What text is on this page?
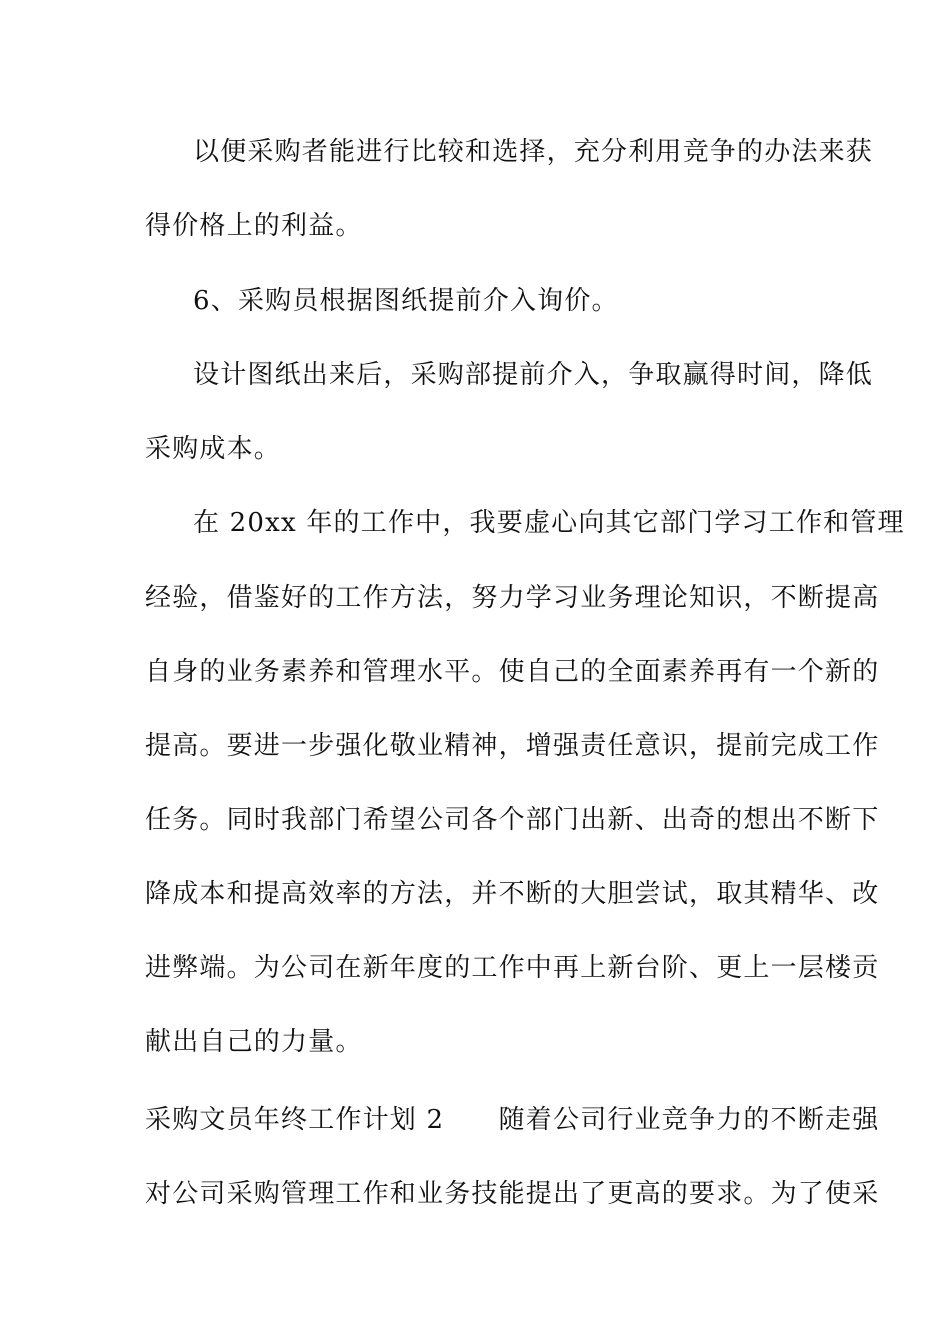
以便采购者能进行比较和选择，充分利用竞争的办法来获
得价格上的利益。
6、采购员根据图纸提前介入询价。
设计图纸出来后，采购部提前介入，争取赢得时间，降低
采购成本。
在 20xx 年的工作中，我要虚心向其它部门学习工作和管理
经验，借鉴好的工作方法，努力学习业务理论知识，不断提高
自身的业务素养和管理水平。使自己的全面素养再有一个新的
提高。要进一步强化敬业精神，增强责任意识，提前完成工作
任务。同时我部门希望公司各个部门出新、出奇的想出不断下
降成本和提高效率的方法，并不断的大胆尝试，取其精华、改
进弊端。为公司在新年度的工作中再上新台阶、更上一层楼贡
献出自己的力量。
采购文员年终工作计划 2　　随着公司行业竞争力的不断走强
对公司采购管理工作和业务技能提出了更高的要求。为了使采
